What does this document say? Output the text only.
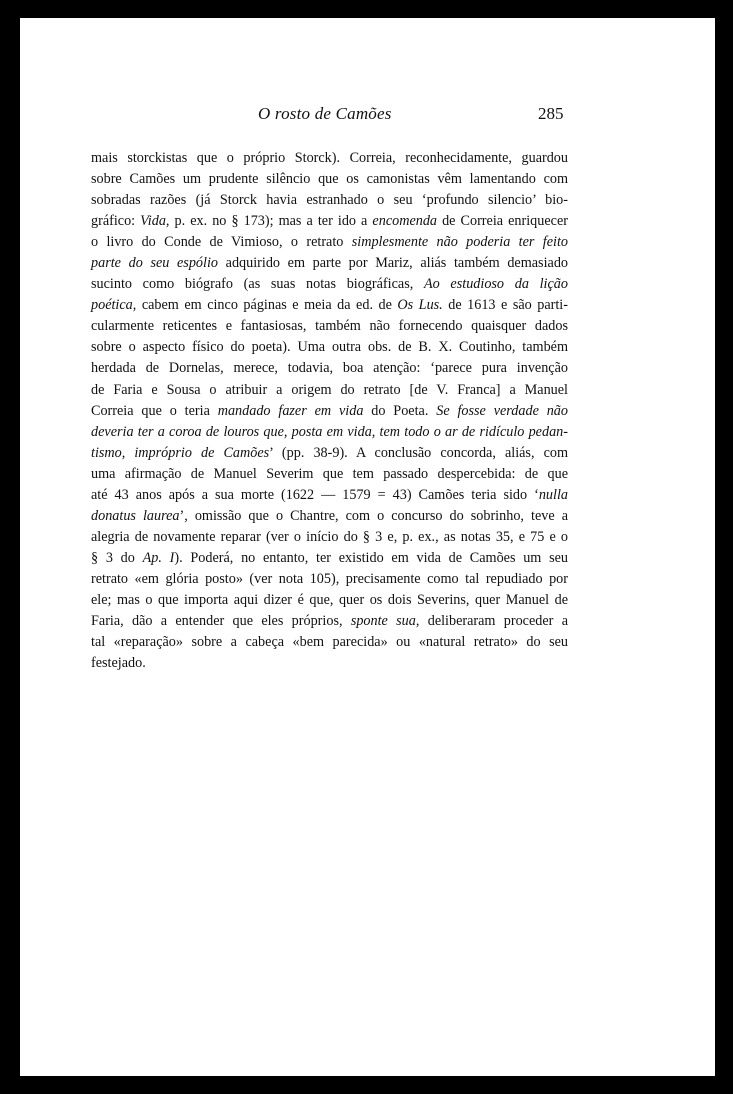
O rosto de Camões	285
mais storckistas que o próprio Storck). Correia, reconhecidamente, guardou
sobre Camões um prudente silêncio que os camonistas vêm lamentando com
sobradas razões (já Storck havia estranhado o seu ‘profundo silencio’ bio-
gráfico: Vida, p. ex. no § 173); mas a ter ido a encomenda de Correia enriquecer
o livro do Conde de Vimioso, o retrato simplesmente não poderia ter feito
parte do seu espólio adquirido em parte por Mariz, aliás também demasiado
sucinto como biógrafo (as suas notas biográficas, Ao estudioso da lição
poética, cabem em cinco páginas e meia da ed. de Os Lus. de 1613 e são parti-
cularmente reticentes e fantasiosas, também não fornecendo quaisquer dados
sobre o aspecto físico do poeta). Uma outra obs. de B. X. Coutinho, também
herdada de Dornelas, merece, todavia, boa atenção: ‘parece pura invenção
de Faria e Sousa o atribuir a origem do retrato [de V. Franca] a Manuel
Correia que o teria mandado fazer em vida do Poeta. Se fosse verdade não
deveria ter a coroa de louros que, posta em vida, tem todo o ar de ridículo pedan-
tismo, impróprio de Camões’ (pp. 38-9). A conclusão concorda, aliás, com
uma afirmação de Manuel Severim que tem passado despercebida: de que
até 43 anos após a sua morte (1622 — 1579 = 43) Camões teria sido ‘nulla
donatus laurea’, omissão que o Chantre, com o concurso do sobrinho, teve a
alegria de novamente reparar (ver o início do § 3 e, p. ex., as notas 35, e 75 e o
§ 3 do Ap. I). Poderá, no entanto, ter existido em vida de Camões um seu
retrato «em glória posto» (ver nota 105), precisamente como tal repudiado por
ele; mas o que importa aqui dizer é que, quer os dois Severins, quer Manuel de
Faria, dão a entender que eles próprios, sponte sua, deliberaram proceder a
tal «reparação» sobre a cabeça «bem parecida» ou «natural retrato» do seu
festejado.
